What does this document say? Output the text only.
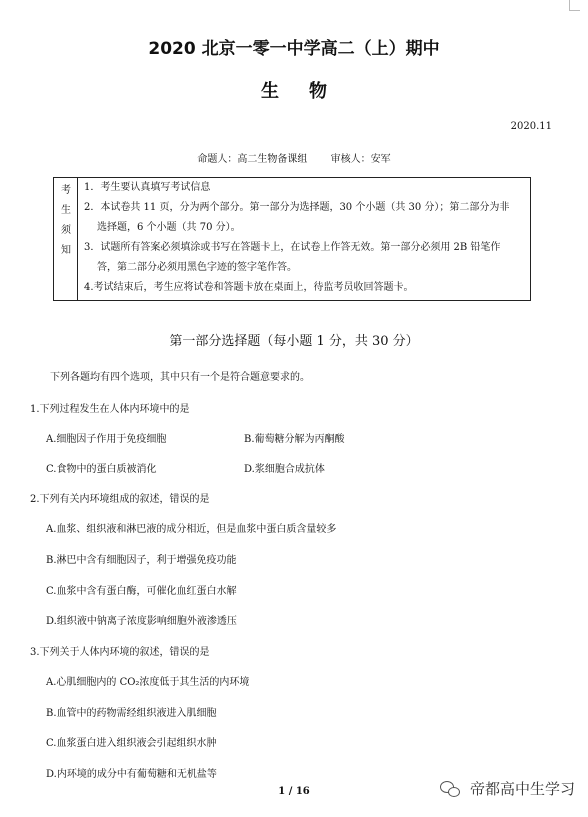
2020 北京一零一中学高二（上）期中
生物
2020.11
命题人：高二生物备课组 审核人：安军
考
生
须
知
1．考生要认真填写考试信息
2．本试卷共 11 页，分为两个部分。第一部分为选择题，30 个小题（共 30 分）；第二部分为非
选择题，6 个小题（共 70 分）。
3．试题所有答案必须填涂或书写在答题卡上，在试卷上作答无效。第一部分必须用 2B 铅笔作
答，第二部分必须用黑色字迹的签字笔作答。
4.考试结束后，考生应将试卷和答题卡放在桌面上，待监考员收回答题卡。
第一部分选择题（每小题 1 分，共 30 分）
下列各题均有四个选项，其中只有一个是符合题意要求的。
1.下列过程发生在人体内环境中的是
A.细胞因子作用于免疫细胞	B.葡萄糖分解为丙酮酸
C.食物中的蛋白质被消化	D.浆细胞合成抗体
2.下列有关内环境组成的叙述，错误的是
A.血浆、组织液和淋巴液的成分相近，但是血浆中蛋白质含量较多
B.淋巴中含有细胞因子，利于增强免疫功能
C.血浆中含有蛋白酶，可催化血红蛋白水解
D.组织液中钠离子浓度影响细胞外液渗透压
3.下列关于人体内环境的叙述，错误的是
A.心肌细胞内的 CO₂浓度低于其生活的内环境
B.血管中的药物需经组织液进入肌细胞
C.血浆蛋白进入组织液会引起组织水肿
D.内环境的成分中有葡萄糖和无机盐等
1 / 16	帝都高中生学习
